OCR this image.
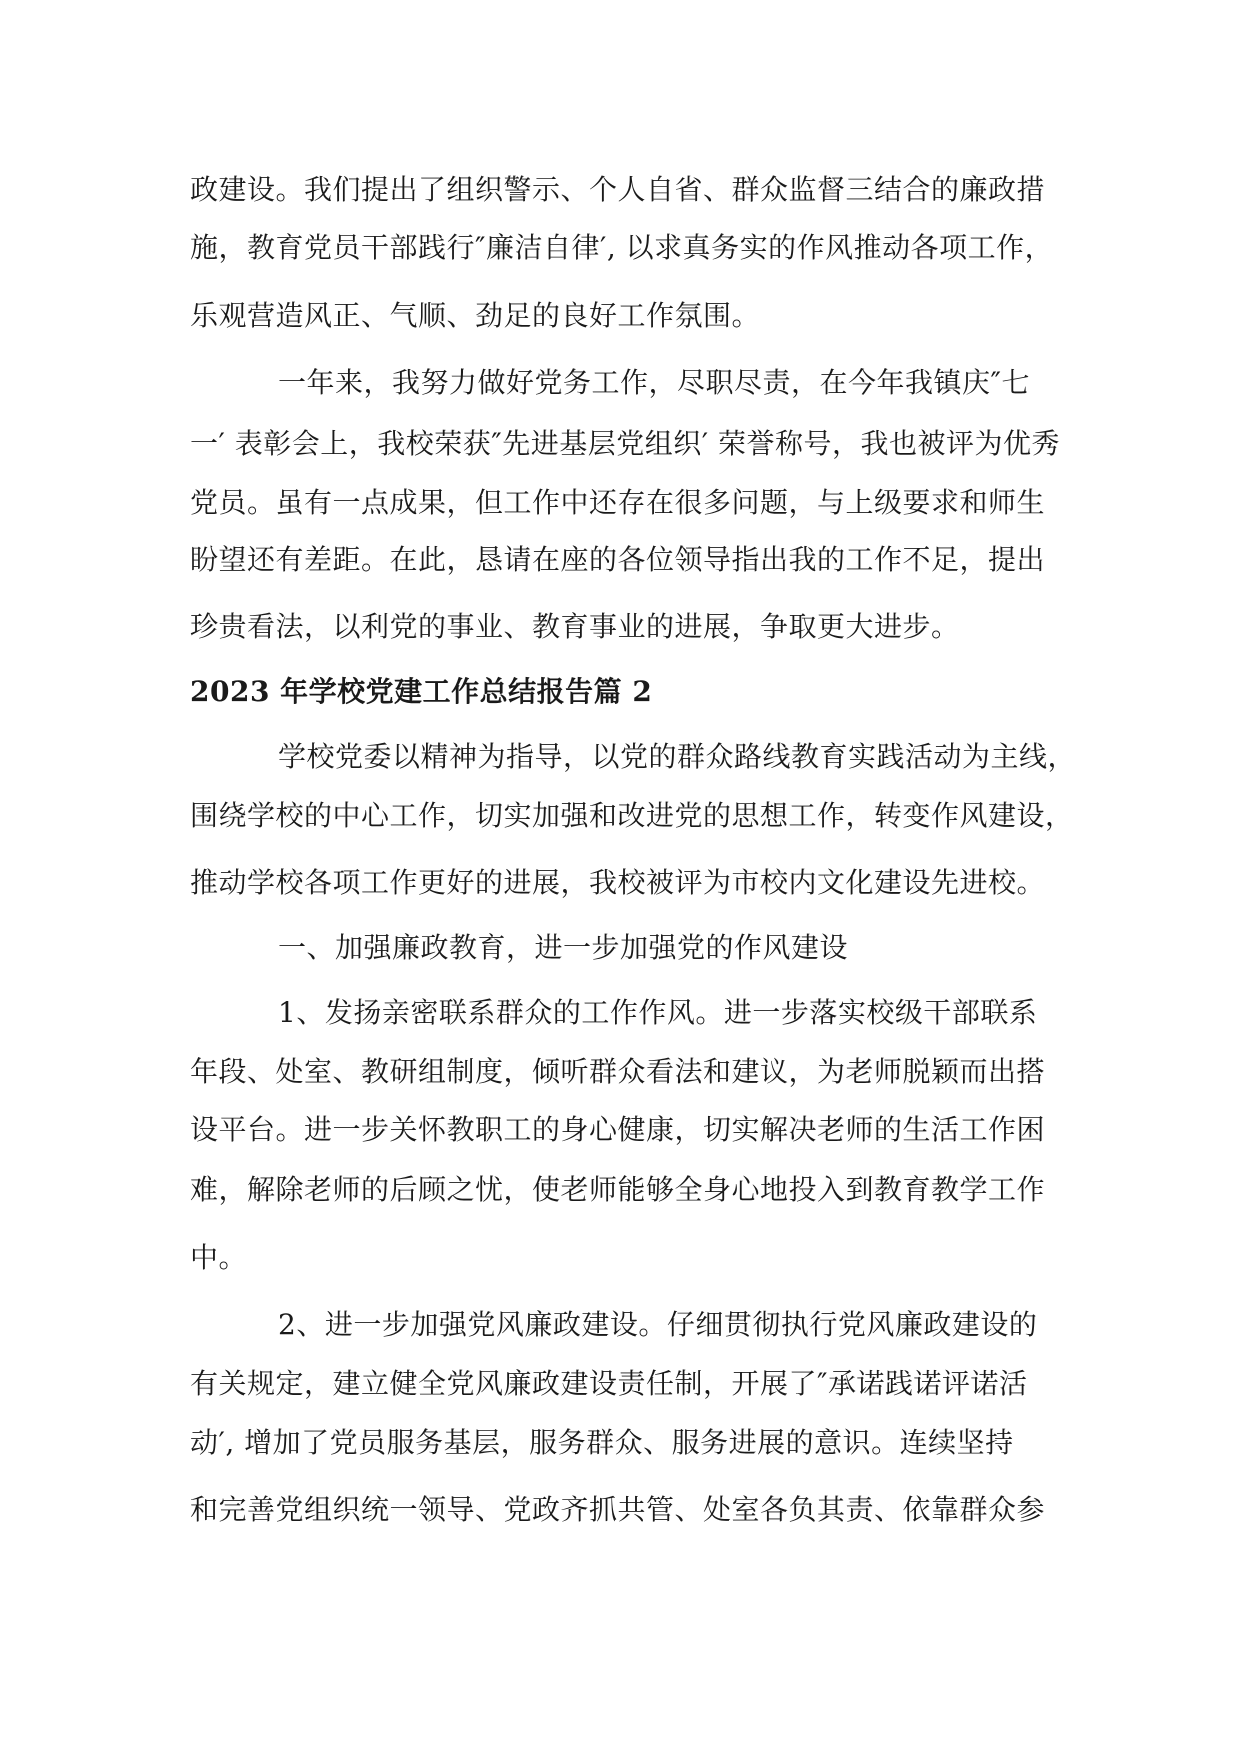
政建设。我们提出了组织警示、个人自省、群众监督三结合的廉政措
施，教育党员干部践行″廉洁自律′, 以求真务实的作风推动各项工作，
乐观营造风正、气顺、劲足的良好工作氛围。
一年来，我努力做好党务工作，尽职尽责，在今年我镇庆″七
一′ 表彰会上，我校荣获″先进基层党组织′ 荣誉称号，我也被评为优秀
党员。虽有一点成果，但工作中还存在很多问题，与上级要求和师生
盼望还有差距。在此，恳请在座的各位领导指出我的工作不足，提出
珍贵看法，以利党的事业、教育事业的进展，争取更大进步。
2023 年学校党建工作总结报告篇 2
学校党委以精神为指导，以党的群众路线教育实践活动为主线，
围绕学校的中心工作，切实加强和改进党的思想工作，转变作风建设，
推动学校各项工作更好的进展，我校被评为市校内文化建设先进校。
一、加强廉政教育，进一步加强党的作风建设
1、发扬亲密联系群众的工作作风。进一步落实校级干部联系
年段、处室、教研组制度，倾听群众看法和建议，为老师脱颖而出搭
设平台。进一步关怀教职工的身心健康，切实解决老师的生活工作困
难，解除老师的后顾之忧，使老师能够全身心地投入到教育教学工作
中。
2、进一步加强党风廉政建设。仔细贯彻执行党风廉政建设的
有关规定，建立健全党风廉政建设责任制，开展了″承诺践诺评诺活
动′, 增加了党员服务基层，服务群众、服务进展的意识。连续坚持
和完善党组织统一领导、党政齐抓共管、处室各负其责、依靠群众参
